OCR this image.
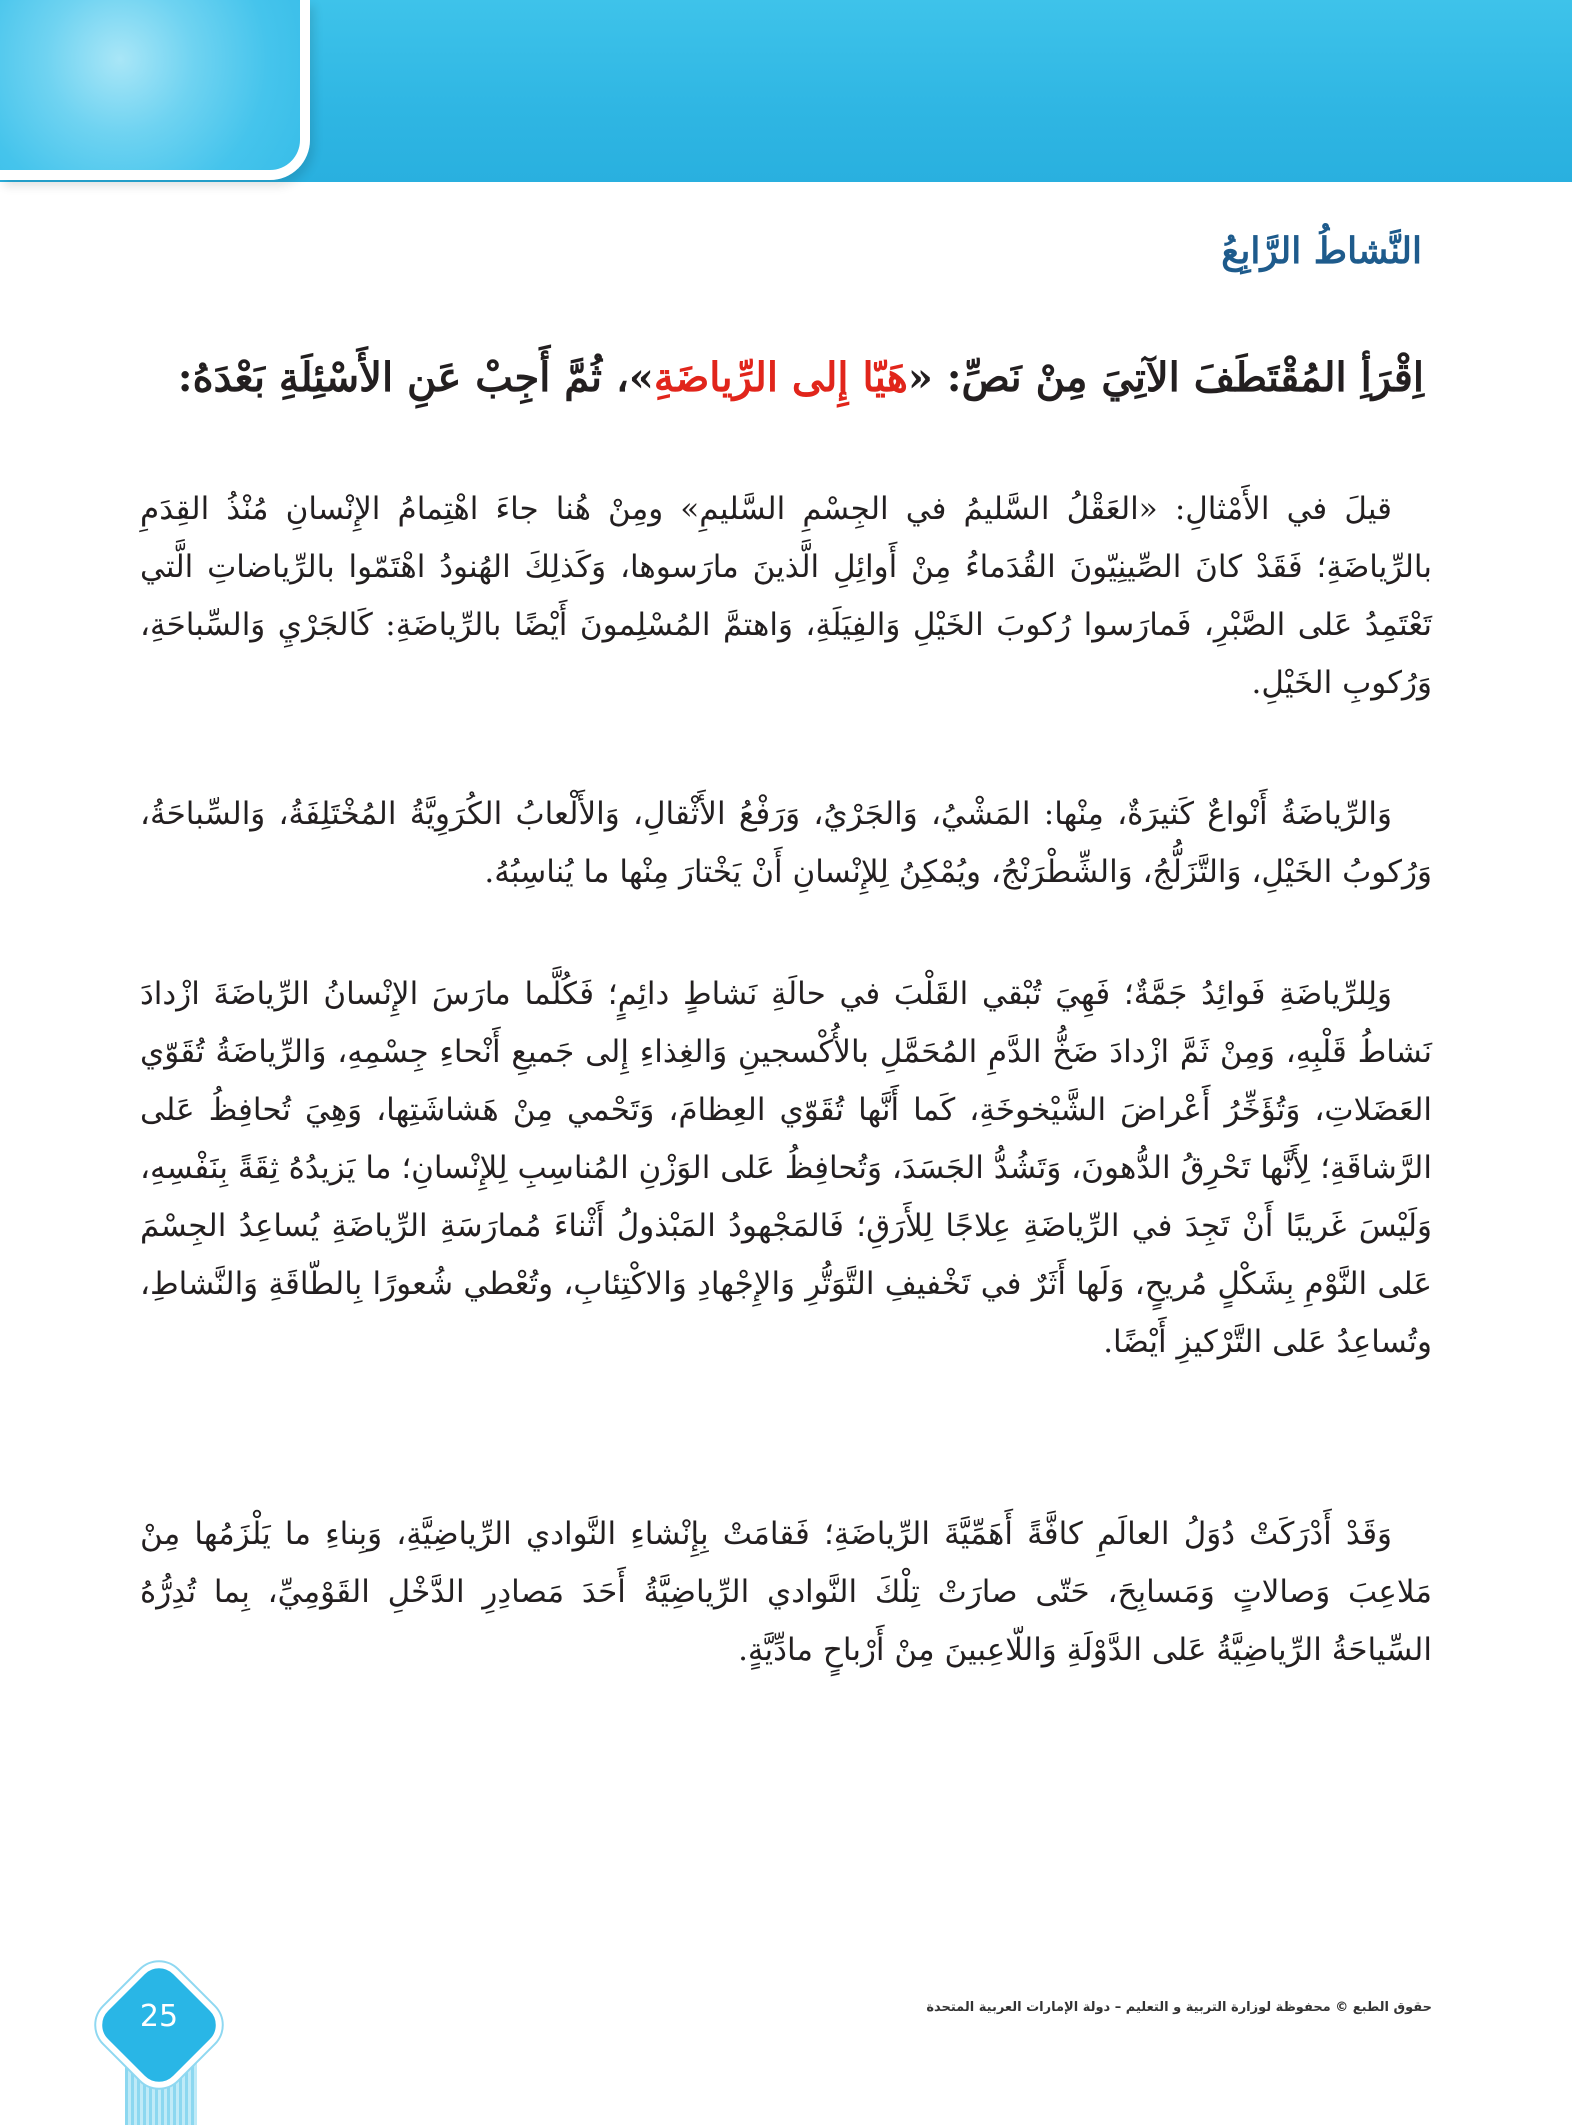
النَّشاطُ الرَّابِعُ

اِقْرَأِ المُقْتَطَفَ الآتِيَ مِنْ نَصِّ: «هَيّا إِلى الرِّياضَةِ»، ثُمَّ أَجِبْ عَنِ الأَسْئِلَةِ بَعْدَهُ:

قيلَ في الأَمْثالِ: «العَقْلُ السَّليمُ في الجِسْمِ السَّليمِ» ومِنْ هُنا جاءَ اهْتِمامُ الإِنْسانِ مُنْذُ القِدَمِ بالرِّياضَةِ؛ فَقَدْ كانَ الصِّينِيّونَ القُدَماءُ مِنْ أَوائِلِ الَّذينَ مارَسوها، وَكَذلِكَ الهُنودُ اهْتَمّوا بالرِّياضاتِ الَّتي تَعْتَمِدُ عَلى الصَّبْرِ، فَمارَسوا رُكوبَ الخَيْلِ وَالفِيَلَةِ، وَاهتمَّ المُسْلِمونَ أَيْضًا بالرِّياضَةِ: كَالجَرْيِ وَالسِّباحَةِ، وَرُكوبِ الخَيْلِ.

وَالرِّياضَةُ أَنْواعٌ كَثيرَةٌ، مِنْها: المَشْيُ، وَالجَرْيُ، وَرَفْعُ الأَثْقالِ، وَالأَلْعابُ الكُرَوِيَّةُ المُخْتَلِفَةُ، وَالسِّباحَةُ، وَرُكوبُ الخَيْلِ، وَالتَّزَلُّجُ، وَالشِّطْرَنْجُ، ويُمْكِنُ لِلإِنْسانِ أَنْ يَخْتارَ مِنْها ما يُناسِبُهُ.

وَلِلرِّياضَةِ فَوائِدُ جَمَّةٌ؛ فَهِيَ تُبْقي القَلْبَ في حالَةِ نَشاطٍ دائِمٍ؛ فَكُلَّما مارَسَ الإِنْسانُ الرِّياضَةَ ازْدادَ نَشاطُ قَلْبِهِ، وَمِنْ ثَمَّ ازْدادَ ضَخُّ الدَّمِ المُحَمَّلِ بالأُكْسجينِ وَالغِذاءِ إِلى جَميعِ أَنْحاءِ جِسْمِهِ، وَالرِّياضَةُ تُقَوّي العَضَلاتِ، وَتُؤَخِّرُ أَعْراضَ الشَّيْخوخَةِ، كَما أَنَّها تُقَوّي العِظامَ، وَتَحْمي مِنْ هَشاشَتِها، وَهِيَ تُحافِظُ عَلى الرَّشاقَةِ؛ لِأَنَّها تَحْرِقُ الدُّهونَ، وَتَشُدُّ الجَسَدَ، وَتُحافِظُ عَلى الوَزْنِ المُناسِبِ لِلإِنْسانِ؛ ما يَزيدُهُ ثِقَةً بِنَفْسِهِ، وَلَيْسَ غَريبًا أَنْ تَجِدَ في الرِّياضَةِ عِلاجًا لِلأَرَقِ؛ فَالمَجْهودُ المَبْذولُ أَثْناءَ مُمارَسَةِ الرِّياضَةِ يُساعِدُ الجِسْمَ عَلى النَّوْمِ بِشَكْلٍ مُريحٍ، وَلَها أَثَرٌ في تَخْفيفِ التَّوَتُّرِ وَالإِجْهادِ وَالاكْتِئابِ، وتُعْطي شُعورًا بِالطّاقَةِ وَالنَّشاطِ، وتُساعِدُ عَلى التَّرْكيزِ أَيْضًا.

وَقَدْ أَدْرَكَتْ دُوَلُ العالَمِ كافَّةً أَهَمِّيَّةَ الرِّياضَةِ؛ فَقامَتْ بِإِنْشاءِ النَّوادي الرِّياضِيَّةِ، وَبِناءِ ما يَلْزَمُها مِنْ مَلاعِبَ وَصالاتٍ وَمَسابِحَ، حَتّى صارَتْ تِلْكَ النَّوادي الرِّياضِيَّةُ أَحَدَ مَصادِرِ الدَّخْلِ القَوْمِيِّ، بِما تُدِرُّهُ السِّياحَةُ الرِّياضِيَّةُ عَلى الدَّوْلَةِ وَاللّاعِبينَ مِنْ أَرْباحٍ مادِّيَّةٍ.

حقوق الطبع © محفوظة لوزارة التربية و التعليم – دولة الإمارات العربية المتحدة
25
